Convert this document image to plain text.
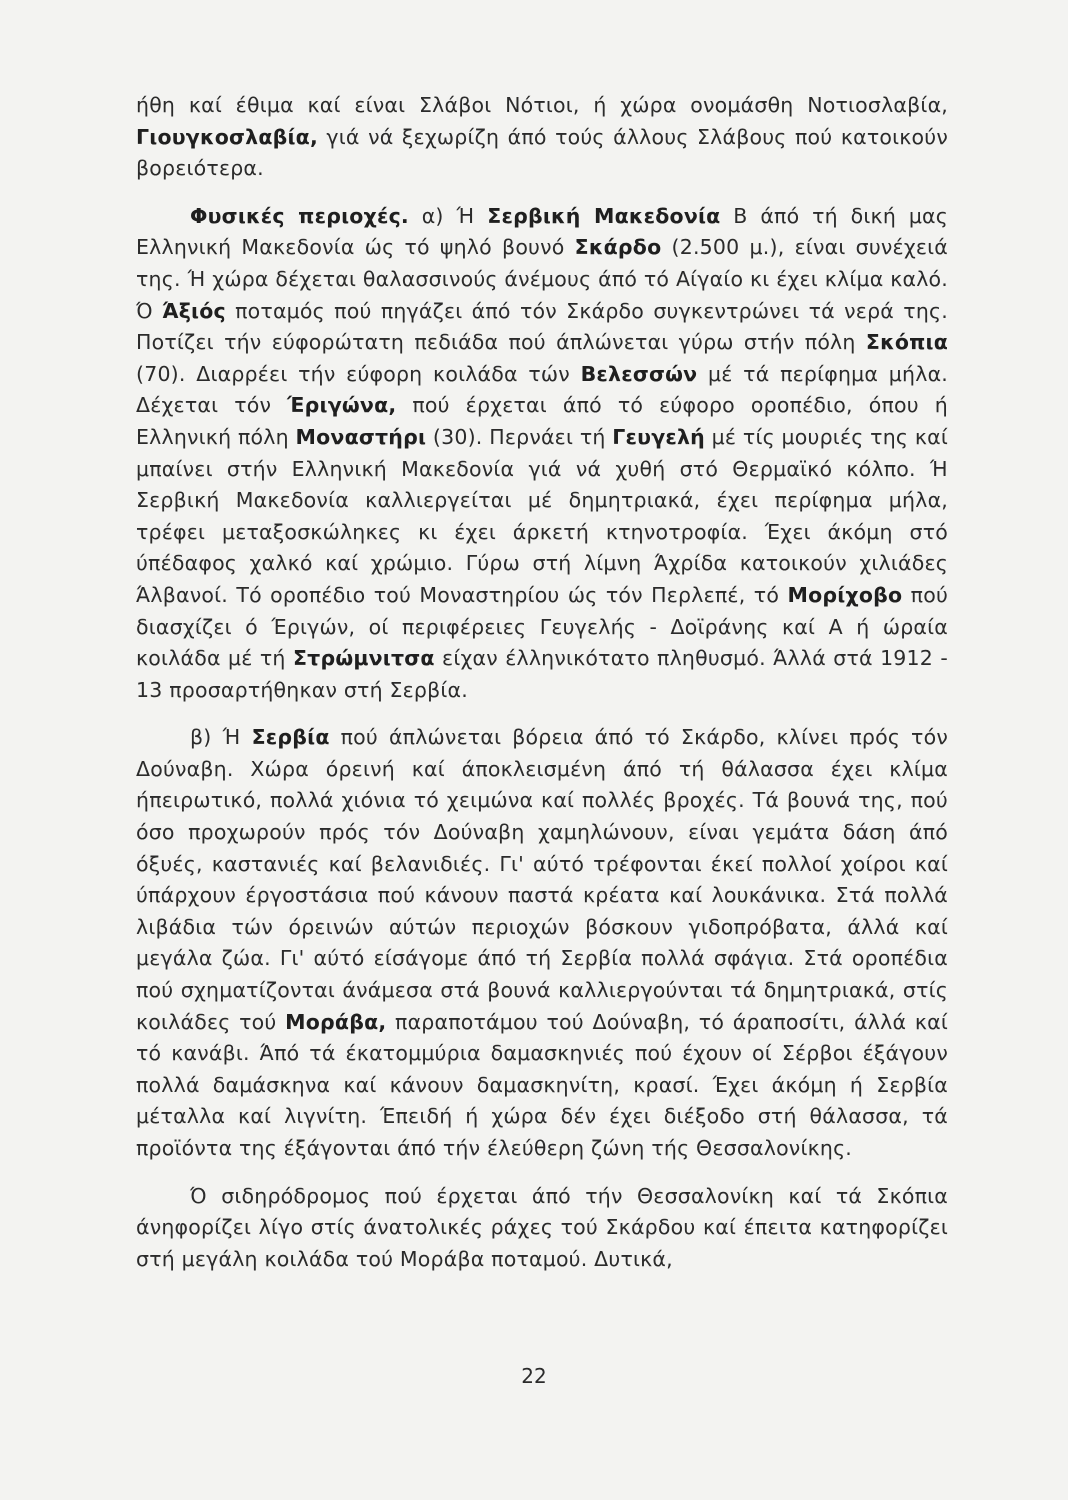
ήθη καί έθιμα καί είναι Σλάβοι Νότιοι, ή χώρα ονομάσθη Νοτιοσλαβία, Γιουγκοσλαβία, γιά νά ξεχωρίζη άπό τούς άλλους Σλάβους πού κατοικούν βορειότερα.

Φυσικές περιοχές. α) Ή Σερβική Μακεδονία Β άπό τή δική μας Ελληνική Μακεδονία ώς τό ψηλό βουνό Σκάρδο (2.500 μ.), είναι συνέχειά της. Ή χώρα δέχεται θαλασσινούς άνέμους άπό τό Αίγαίο κι έχει κλίμα καλό. Ό Άξιός ποταμός πού πηγάζει άπό τόν Σκάρδο συγκεντρώνει τά νερά της. Ποτίζει τήν εύφορώτατη πεδιάδα πού άπλώνεται γύρω στήν πόλη Σκόπια (70). Διαρρέει τήν εύφορη κοιλάδα τών Βελεσσών μέ τά περίφημα μήλα. Δέχεται τόν Έριγώνα, πού έρχεται άπό τό εύφορο οροπέδιο, όπου ή Ελληνική πόλη Μοναστήρι (30). Περνάει τή Γευγελή μέ τίς μουριές της καί μπαίνει στήν Ελληνική Μακεδονία γιά νά χυθή στό Θερμαϊκό κόλπο. Ή Σερβική Μακεδονία καλλιεργείται μέ δημητριακά, έχει περίφημα μήλα, τρέφει μεταξοσκώληκες κι έχει άρκετή κτηνοτροφία. Έχει άκόμη στό ύπέδαφος χαλκό καί χρώμιο. Γύρω στή λίμνη Άχρίδα κατοικούν χιλιάδες Άλβανοί. Τό οροπέδιο τού Μοναστηρίου ώς τόν Περλεπέ, τό Μορίχοβο πού διασχίζει ό Έριγών, οί περιφέρειες Γευγελής - Δοϊράνης καί Α ή ώραία κοιλάδα μέ τή Στρώμνιτσα είχαν έλληνικότατο πληθυσμό. Άλλά στά 1912 - 13 προσαρτήθηκαν στή Σερβία.

β) Ή Σερβία πού άπλώνεται βόρεια άπό τό Σκάρδο, κλίνει πρός τόν Δούναβη. Χώρα όρεινή καί άποκλεισμένη άπό τή θάλασσα έχει κλίμα ήπειρωτικό, πολλά χιόνια τό χειμώνα καί πολλές βροχές. Τά βουνά της, πού όσο προχωρούν πρός τόν Δούναβη χαμηλώνουν, είναι γεμάτα δάση άπό όξυές, καστανιές καί βελανιδιές. Γι' αύτό τρέφονται έκεί πολλοί χοίροι καί ύπάρχουν έργοστάσια πού κάνουν παστά κρέατα καί λουκάνικα. Στά πολλά λιβάδια τών όρεινών αύτών περιοχών βόσκουν γιδοπρόβατα, άλλά καί μεγάλα ζώα. Γι' αύτό είσάγομε άπό τή Σερβία πολλά σφάγια. Στά οροπέδια πού σχηματίζονται άνάμεσα στά βουνά καλλιεργούνται τά δημητριακά, στίς κοιλάδες τού Μοράβα, παραποτάμου τού Δούναβη, τό άραποσίτι, άλλά καί τό κανάβι. Άπό τά έκατομμύρια δαμασκηνιές πού έχουν οί Σέρβοι έξάγουν πολλά δαμάσκηνα καί κάνουν δαμασκηνίτη, κρασί. Έχει άκόμη ή Σερβία μέταλλα καί λιγνίτη. Έπειδή ή χώρα δέν έχει διέξοδο στή θάλασσα, τά προϊόντα της έξάγονται άπό τήν έλεύθερη ζώνη τής Θεσσαλονίκης.

Ό σιδηρόδρομος πού έρχεται άπό τήν Θεσσαλονίκη καί τά Σκόπια άνηφορίζει λίγο στίς άνατολικές ράχες τού Σκάρδου καί έπειτα κατηφορίζει στή μεγάλη κοιλάδα τού Μοράβα ποταμού. Δυτικά,

22
